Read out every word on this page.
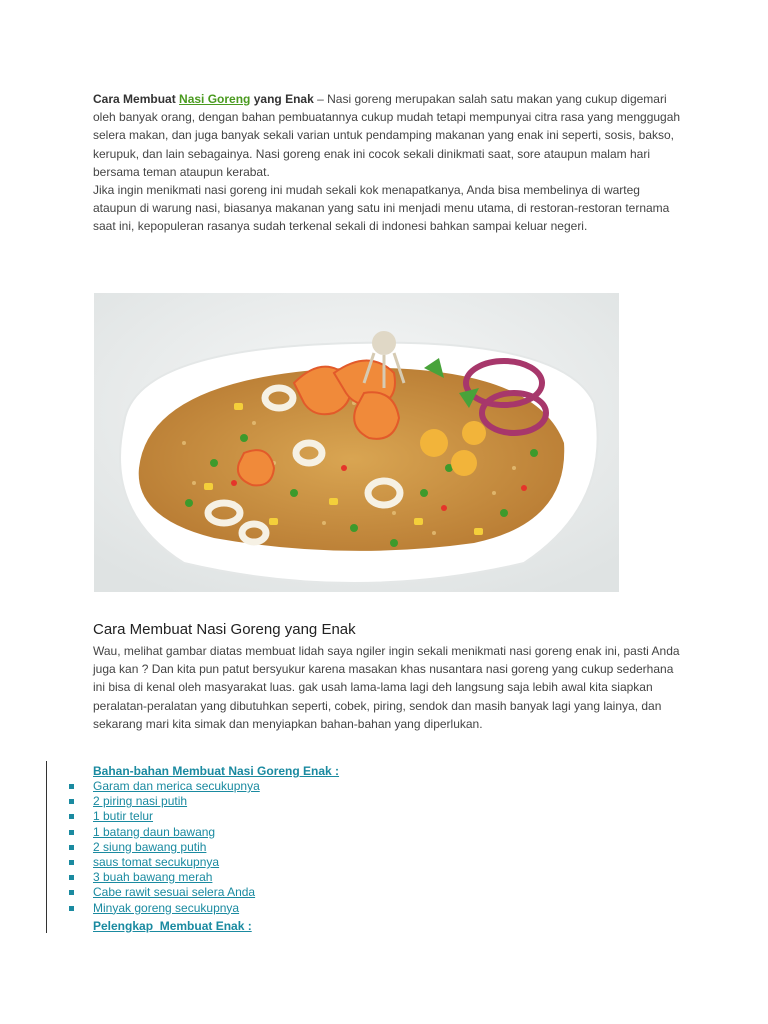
Cara Membuat Nasi Goreng yang Enak – Nasi goreng merupakan salah satu makan yang cukup digemari oleh banyak orang, dengan bahan pembuatannya cukup mudah tetapi mempunyai citra rasa yang menggugah selera makan, dan juga banyak sekali varian untuk pendamping makanan yang enak ini seperti, sosis, bakso, kerupuk, dan lain sebagainya. Nasi goreng enak ini cocok sekali dinikmati saat, sore ataupun malam hari bersama teman ataupun kerabat.
Jika ingin menikmati nasi goreng ini mudah sekali kok menapatkanya, Anda bisa membelinya di warteg ataupun di warung nasi, biasanya makanan yang satu ini menjadi menu utama, di restoran-restoran ternama saat ini, kepopuleran rasanya sudah terkenal sekali di indonesi bahkan sampai keluar negeri.
Cara Membuat Nasi Goreng yang Enak
Wau, melihat gambar diatas membuat lidah saya ngiler ingin sekali menikmati nasi goreng enak ini, pasti Anda juga kan ? Dan kita pun patut bersyukur karena masakan khas nusantara nasi goreng yang cukup sederhana ini bisa di kenal oleh masyarakat luas. gak usah lama-lama lagi deh langsung saja lebih awal kita siapkan peralatan-peralatan yang dibutuhkan seperti, cobek, piring, sendok dan masih banyak lagi yang lainya, dan sekarang mari kita simak dan menyiapkan bahan-bahan yang diperlukan.
Bahan-bahan Membuat Nasi Goreng Enak :
Garam dan merica secukupnya
2 piring nasi putih
1 butir telur
1 batang daun bawang
2 siung bawang putih
saus tomat secukupnya
3 buah bawang merah
Cabe rawit sesuai selera Anda
Minyak goreng secukupnya
Pelengkap  Membuat Enak :
